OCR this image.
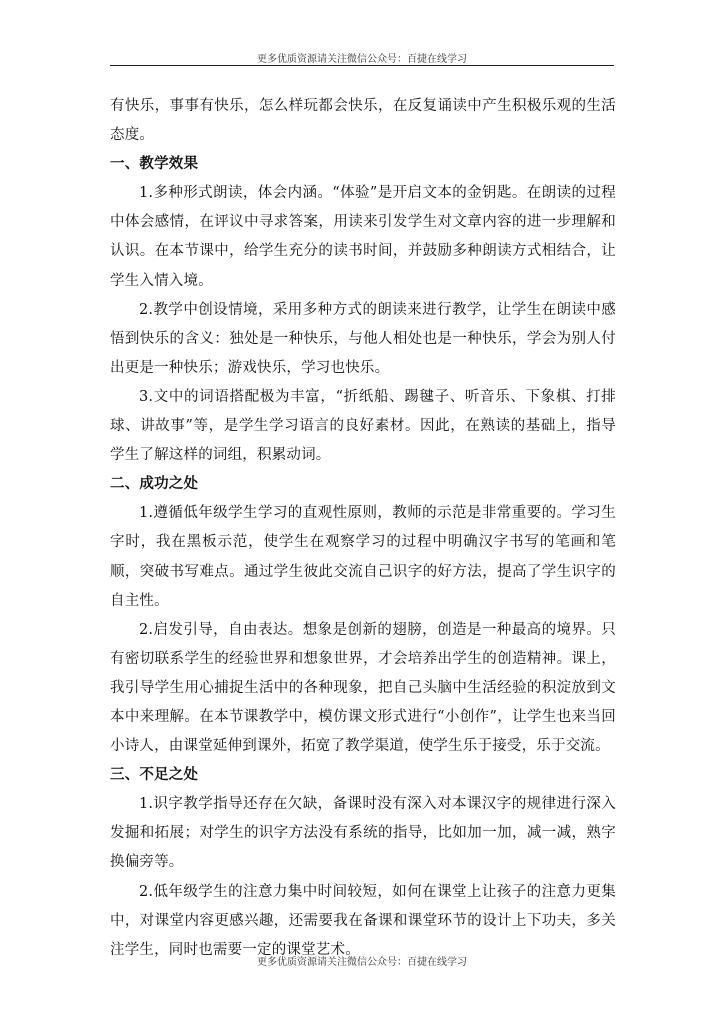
更多优质资源请关注微信公众号：百捷在线学习

有快乐，事事有快乐，怎么样玩都会快乐，在反复诵读中产生积极乐观的生活态度。

一、教学效果

1.多种形式朗读，体会内涵。“体验”是开启文本的金钥匙。在朗读的过程中体会感情，在评议中寻求答案，用读来引发学生对文章内容的进一步理解和认识。在本节课中，给学生充分的读书时间，并鼓励多种朗读方式相结合，让学生入情入境。

2.教学中创设情境，采用多种方式的朗读来进行教学，让学生在朗读中感悟到快乐的含义：独处是一种快乐，与他人相处也是一种快乐，学会为别人付出更是一种快乐；游戏快乐，学习也快乐。

3.文中的词语搭配极为丰富，“折纸船、踢毽子、听音乐、下象棋、打排球、讲故事”等，是学生学习语言的良好素材。因此，在熟读的基础上，指导学生了解这样的词组，积累动词。

二、成功之处

1.遵循低年级学生学习的直观性原则，教师的示范是非常重要的。学习生字时，我在黑板示范，使学生在观察学习的过程中明确汉字书写的笔画和笔顺，突破书写难点。通过学生彼此交流自己识字的好方法，提高了学生识字的自主性。

2.启发引导，自由表达。想象是创新的翅膀，创造是一种最高的境界。只有密切联系学生的经验世界和想象世界，才会培养出学生的创造精神。课上，我引导学生用心捕捉生活中的各种现象，把自己头脑中生活经验的积淀放到文本中来理解。在本节课教学中，模仿课文形式进行“小创作”，让学生也来当回小诗人，由课堂延伸到课外，拓宽了教学渠道，使学生乐于接受，乐于交流。

三、不足之处

1.识字教学指导还存在欠缺，备课时没有深入对本课汉字的规律进行深入发掘和拓展；对学生的识字方法没有系统的指导，比如加一加，减一减，熟字换偏旁等。

2.低年级学生的注意力集中时间较短，如何在课堂上让孩子的注意力更集中，对课堂内容更感兴趣，还需要我在备课和课堂环节的设计上下功夫，多关注学生，同时也需要一定的课堂艺术。

更多优质资源请关注微信公众号：百捷在线学习
